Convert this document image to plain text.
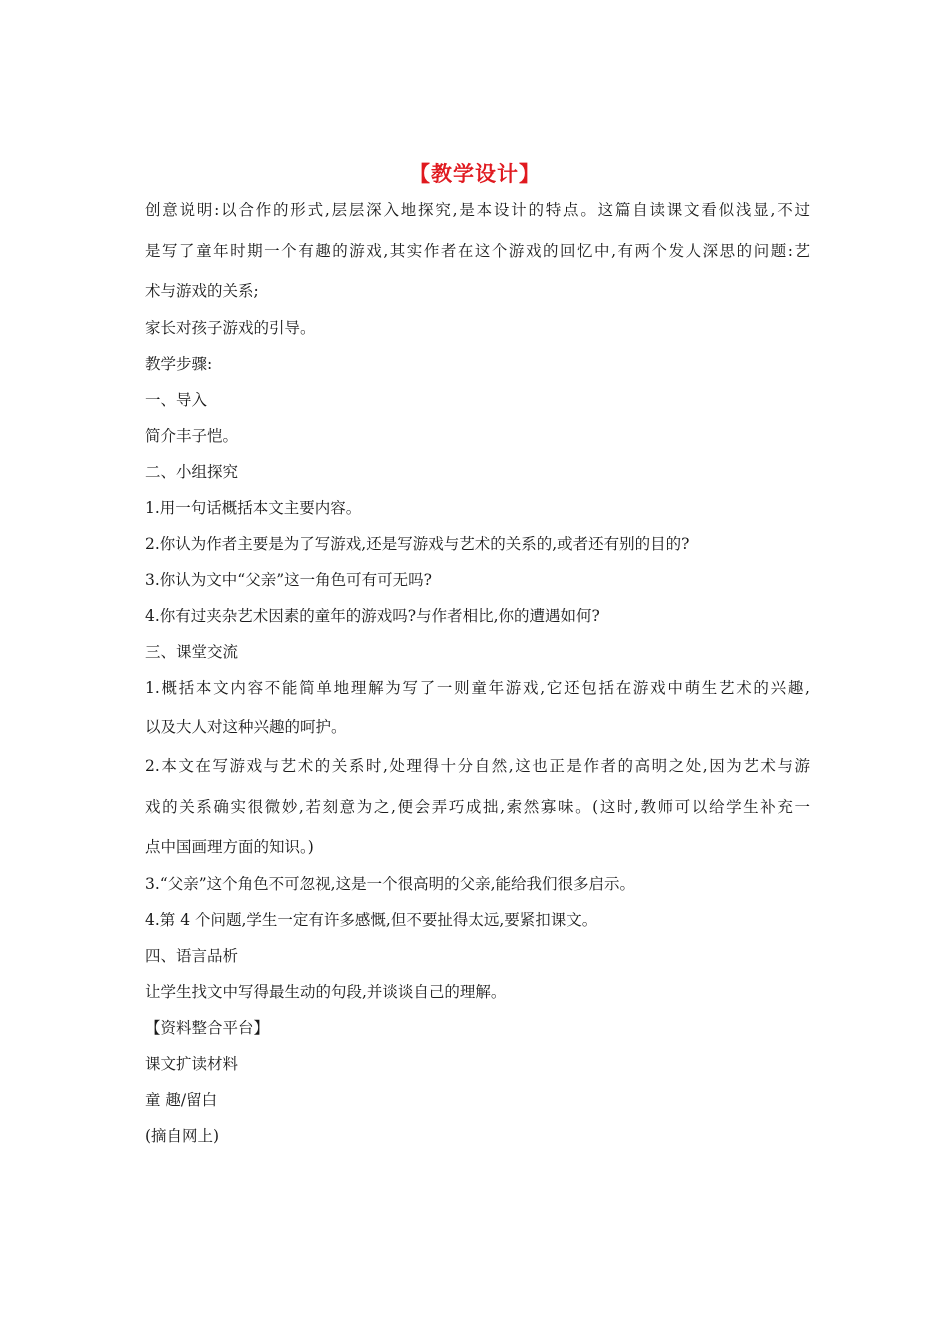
【教学设计】
创意说明:以合作的形式,层层深入地探究,是本设计的特点。这篇自读课文看似浅显,不过
是写了童年时期一个有趣的游戏,其实作者在这个游戏的回忆中,有两个发人深思的问题:艺
术与游戏的关系;
家长对孩子游戏的引导。
教学步骤:
一、导入
简介丰子恺。
二、小组探究
1.用一句话概括本文主要内容。
2.你认为作者主要是为了写游戏,还是写游戏与艺术的关系的,或者还有别的目的?
3.你认为文中“父亲”这一角色可有可无吗?
4.你有过夹杂艺术因素的童年的游戏吗?与作者相比,你的遭遇如何?
三、课堂交流
1.概括本文内容不能简单地理解为写了一则童年游戏,它还包括在游戏中萌生艺术的兴趣,
以及大人对这种兴趣的呵护。
2.本文在写游戏与艺术的关系时,处理得十分自然,这也正是作者的高明之处,因为艺术与游
戏的关系确实很微妙,若刻意为之,便会弄巧成拙,索然寡味。(这时,教师可以给学生补充一
点中国画理方面的知识。)
3.“父亲”这个角色不可忽视,这是一个很高明的父亲,能给我们很多启示。
4.第 4 个问题,学生一定有许多感慨,但不要扯得太远,要紧扣课文。
四、语言品析
让学生找文中写得最生动的句段,并谈谈自己的理解。
【资料整合平台】
课文扩读材料
童 趣/留白
(摘自网上)
